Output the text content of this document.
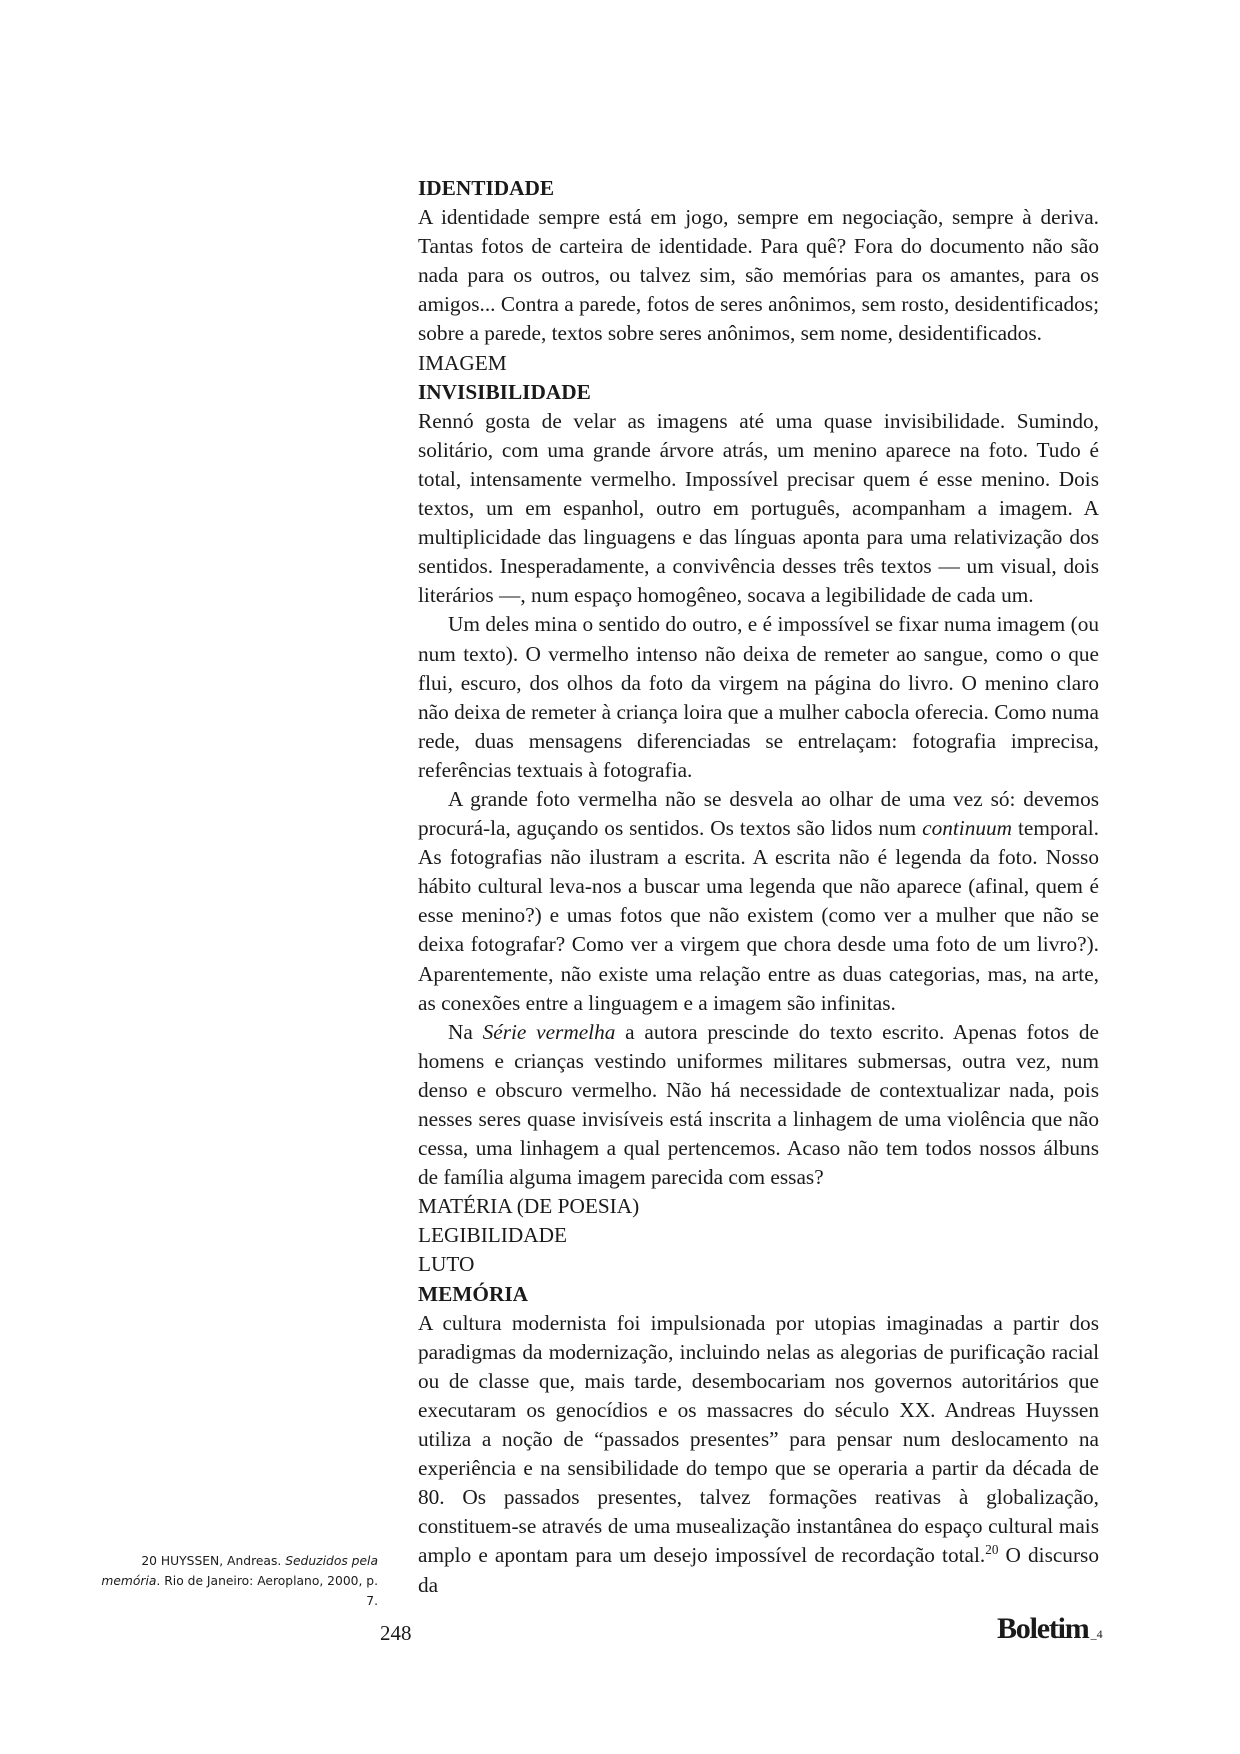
IDENTIDADE

A identidade sempre está em jogo, sempre em negociação, sempre à deriva. Tantas fotos de carteira de identidade. Para quê? Fora do documento não são nada para os outros, ou talvez sim, são memórias para os amantes, para os amigos... Contra a parede, fotos de seres anônimos, sem rosto, desidentificados; sobre a parede, textos sobre seres anônimos, sem nome, desidentificados.

IMAGEM
INVISIBILIDADE

Rennó gosta de velar as imagens até uma quase invisibilidade. Sumindo, solitário, com uma grande árvore atrás, um menino aparece na foto. Tudo é total, intensamente vermelho. Impossível precisar quem é esse menino. Dois textos, um em espanhol, outro em português, acompanham a imagem. A multiplicidade das linguagens e das línguas aponta para uma relativização dos sentidos. Inesperadamente, a convivência desses três textos — um visual, dois literários —, num espaço homogêneo, socava a legibilidade de cada um.

Um deles mina o sentido do outro, e é impossível se fixar numa imagem (ou num texto). O vermelho intenso não deixa de remeter ao sangue, como o que flui, escuro, dos olhos da foto da virgem na página do livro. O menino claro não deixa de remeter à criança loira que a mulher cabocla oferecia. Como numa rede, duas mensagens diferenciadas se entrelaçam: fotografia imprecisa, referências textuais à fotografia.

A grande foto vermelha não se desvela ao olhar de uma vez só: devemos procurá-la, aguçando os sentidos. Os textos são lidos num continuum temporal. As fotografias não ilustram a escrita. A escrita não é legenda da foto. Nosso hábito cultural leva-nos a buscar uma legenda que não aparece (afinal, quem é esse menino?) e umas fotos que não existem (como ver a mulher que não se deixa fotografar? Como ver a virgem que chora desde uma foto de um livro?). Aparentemente, não existe uma relação entre as duas categorias, mas, na arte, as conexões entre a linguagem e a imagem são infinitas.

Na Série vermelha a autora prescinde do texto escrito. Apenas fotos de homens e crianças vestindo uniformes militares submersas, outra vez, num denso e obscuro vermelho. Não há necessidade de contextualizar nada, pois nesses seres quase invisíveis está inscrita a linhagem de uma violência que não cessa, uma linhagem a qual pertencemos. Acaso não tem todos nossos álbuns de família alguma imagem parecida com essas?

MATÉRIA (DE POESIA)
LEGIBILIDADE
LUTO
MEMÓRIA

A cultura modernista foi impulsionada por utopias imaginadas a partir dos paradigmas da modernização, incluindo nelas as alegorias de purificação racial ou de classe que, mais tarde, desembocariam nos governos autoritários que executaram os genocídios e os massacres do século XX. Andreas Huyssen utiliza a noção de “passados presentes” para pensar num deslocamento na experiência e na sensibilidade do tempo que se operaria a partir da década de 80. Os passados presentes, talvez formações reativas à globalização, constituem-se através de uma musealização instantânea do espaço cultural mais amplo e apontam para um desejo impossível de recordação total.$^{20}$ O discurso da

20 HUYSSEN, Andreas. Seduzidos pela memória. Rio de Janeiro: Aeroplano, 2000, p. 7.
248	Boletim _4
